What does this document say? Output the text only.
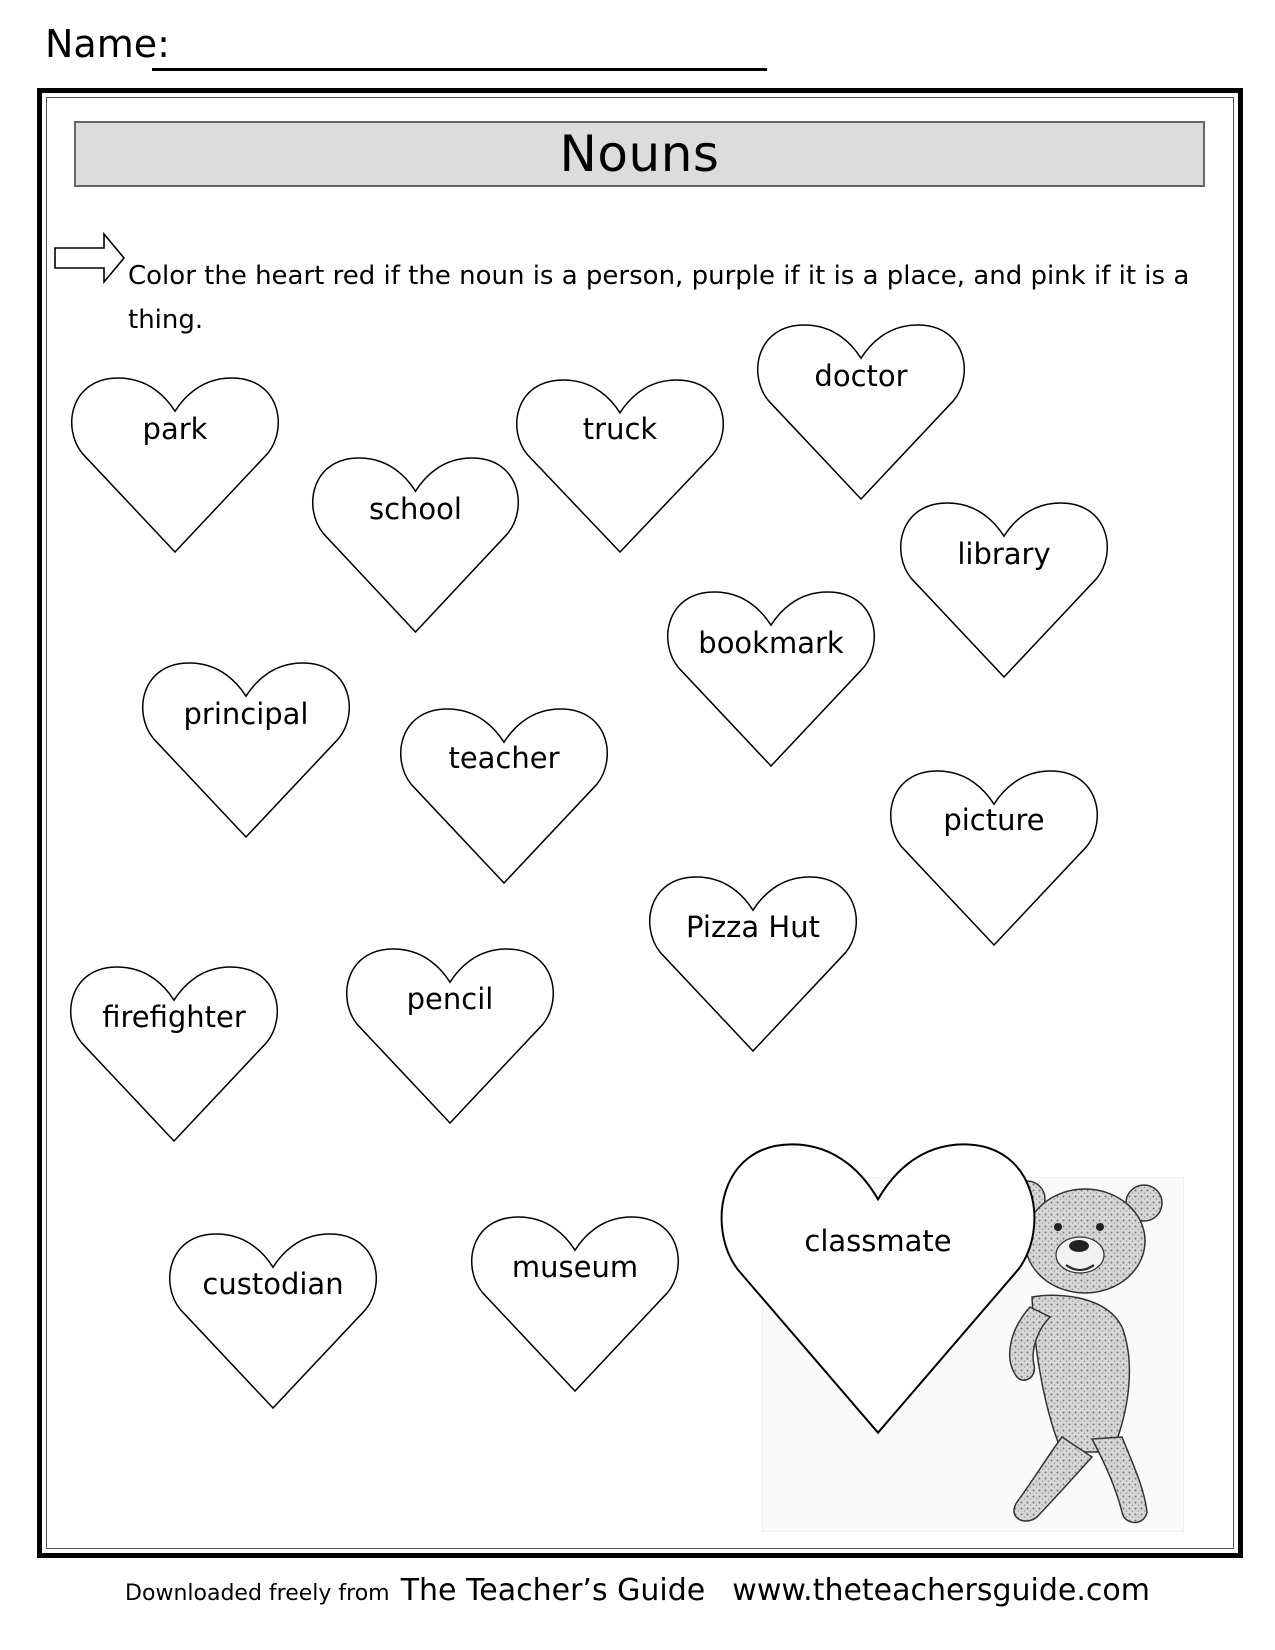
Name:
Nouns
Color the heart red if the noun is a person, purple if it is a place, and pink if it is a thing.
park
school
truck
doctor
library
bookmark
principal
teacher
picture
Pizza Hut
firefighter
pencil
custodian	museum
classmate
Downloaded freely from The Teacher’s Guide www.theteachersguide.com
